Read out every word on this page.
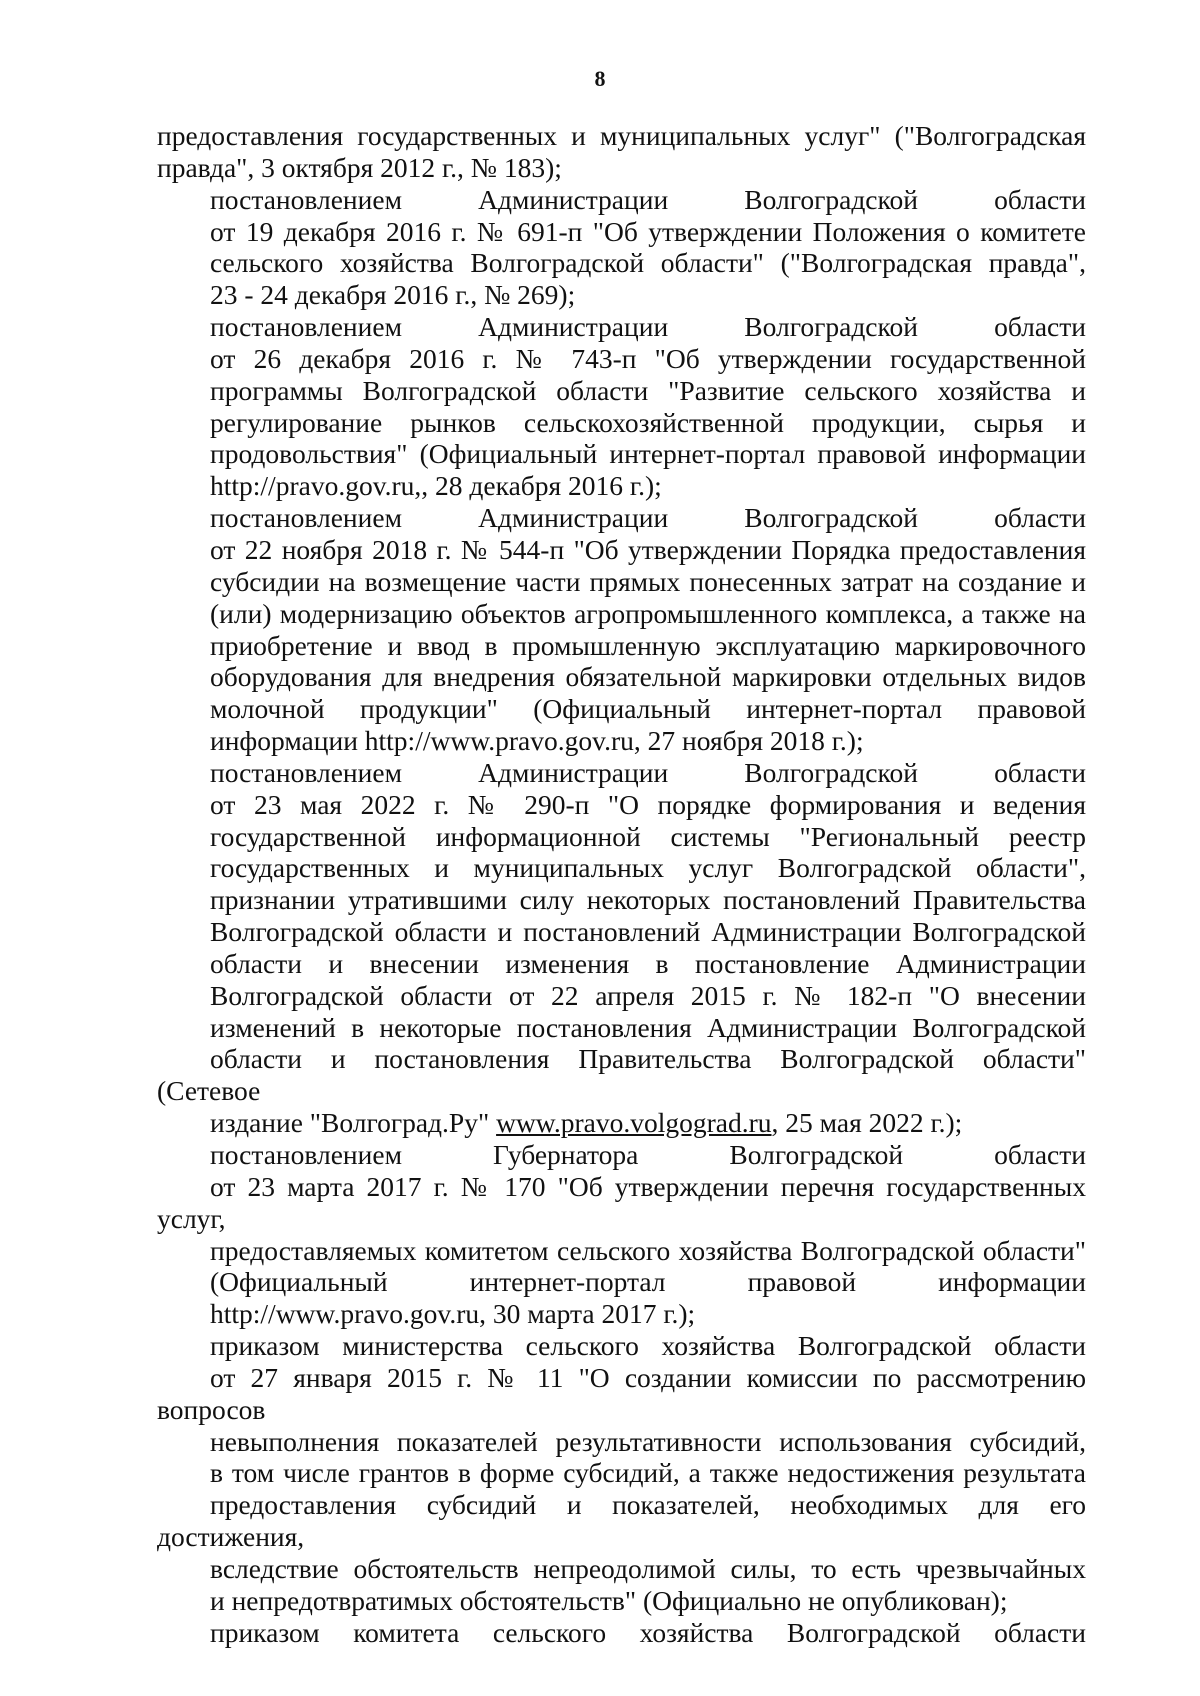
8
предоставления государственных и муниципальных услуг" ("Волгоградская
правда", 3 октября 2012 г., № 183);
постановлением Администрации Волгоградской области
от 19 декабря 2016 г. № 691-п "Об утверждении Положения о комитете
сельского хозяйства Волгоградской области" ("Волгоградская правда",
23 - 24 декабря 2016 г., № 269);
постановлением Администрации Волгоградской области
от 26 декабря 2016 г. № 743-п "Об утверждении государственной
программы Волгоградской области "Развитие сельского хозяйства и
регулирование рынков сельскохозяйственной продукции, сырья и
продовольствия" (Официальный интернет-портал правовой информации
http://pravo.gov.ru,, 28 декабря 2016 г.);
постановлением Администрации Волгоградской области
от 22 ноября 2018 г. № 544-п "Об утверждении Порядка предоставления
субсидии на возмещение части прямых понесенных затрат на создание и
(или) модернизацию объектов агропромышленного комплекса, а также на
приобретение и ввод в промышленную эксплуатацию маркировочного
оборудования для внедрения обязательной маркировки отдельных видов
молочной продукции" (Официальный интернет-портал правовой
информации http://www.pravo.gov.ru, 27 ноября 2018 г.);
постановлением Администрации Волгоградской области
от 23 мая 2022 г. № 290-п "О порядке формирования и ведения
государственной информационной системы "Региональный реестр
государственных и муниципальных услуг Волгоградской области",
признании утратившими силу некоторых постановлений Правительства
Волгоградской области и постановлений Администрации Волгоградской
области и внесении изменения в постановление Администрации
Волгоградской области от 22 апреля 2015 г. № 182-п "О внесении
изменений в некоторые постановления Администрации Волгоградской
области и постановления Правительства Волгоградской области" (Сетевое
издание "Волгоград.Ру" www.pravo.volgograd.ru, 25 мая 2022 г.);
постановлением Губернатора Волгоградской области
от 23 марта 2017 г. № 170 "Об утверждении перечня государственных услуг,
предоставляемых комитетом сельского хозяйства Волгоградской области"
(Официальный интернет-портал правовой информации
http://www.pravo.gov.ru, 30 марта 2017 г.);
приказом министерства сельского хозяйства Волгоградской области
от 27 января 2015 г. № 11 "О создании комиссии по рассмотрению вопросов
невыполнения показателей результативности использования субсидий,
в том числе грантов в форме субсидий, а также недостижения результата
предоставления субсидий и показателей, необходимых для его достижения,
вследствие обстоятельств непреодолимой силы, то есть чрезвычайных
и непредотвратимых обстоятельств" (Официально не опубликован);
приказом комитета сельского хозяйства Волгоградской области
